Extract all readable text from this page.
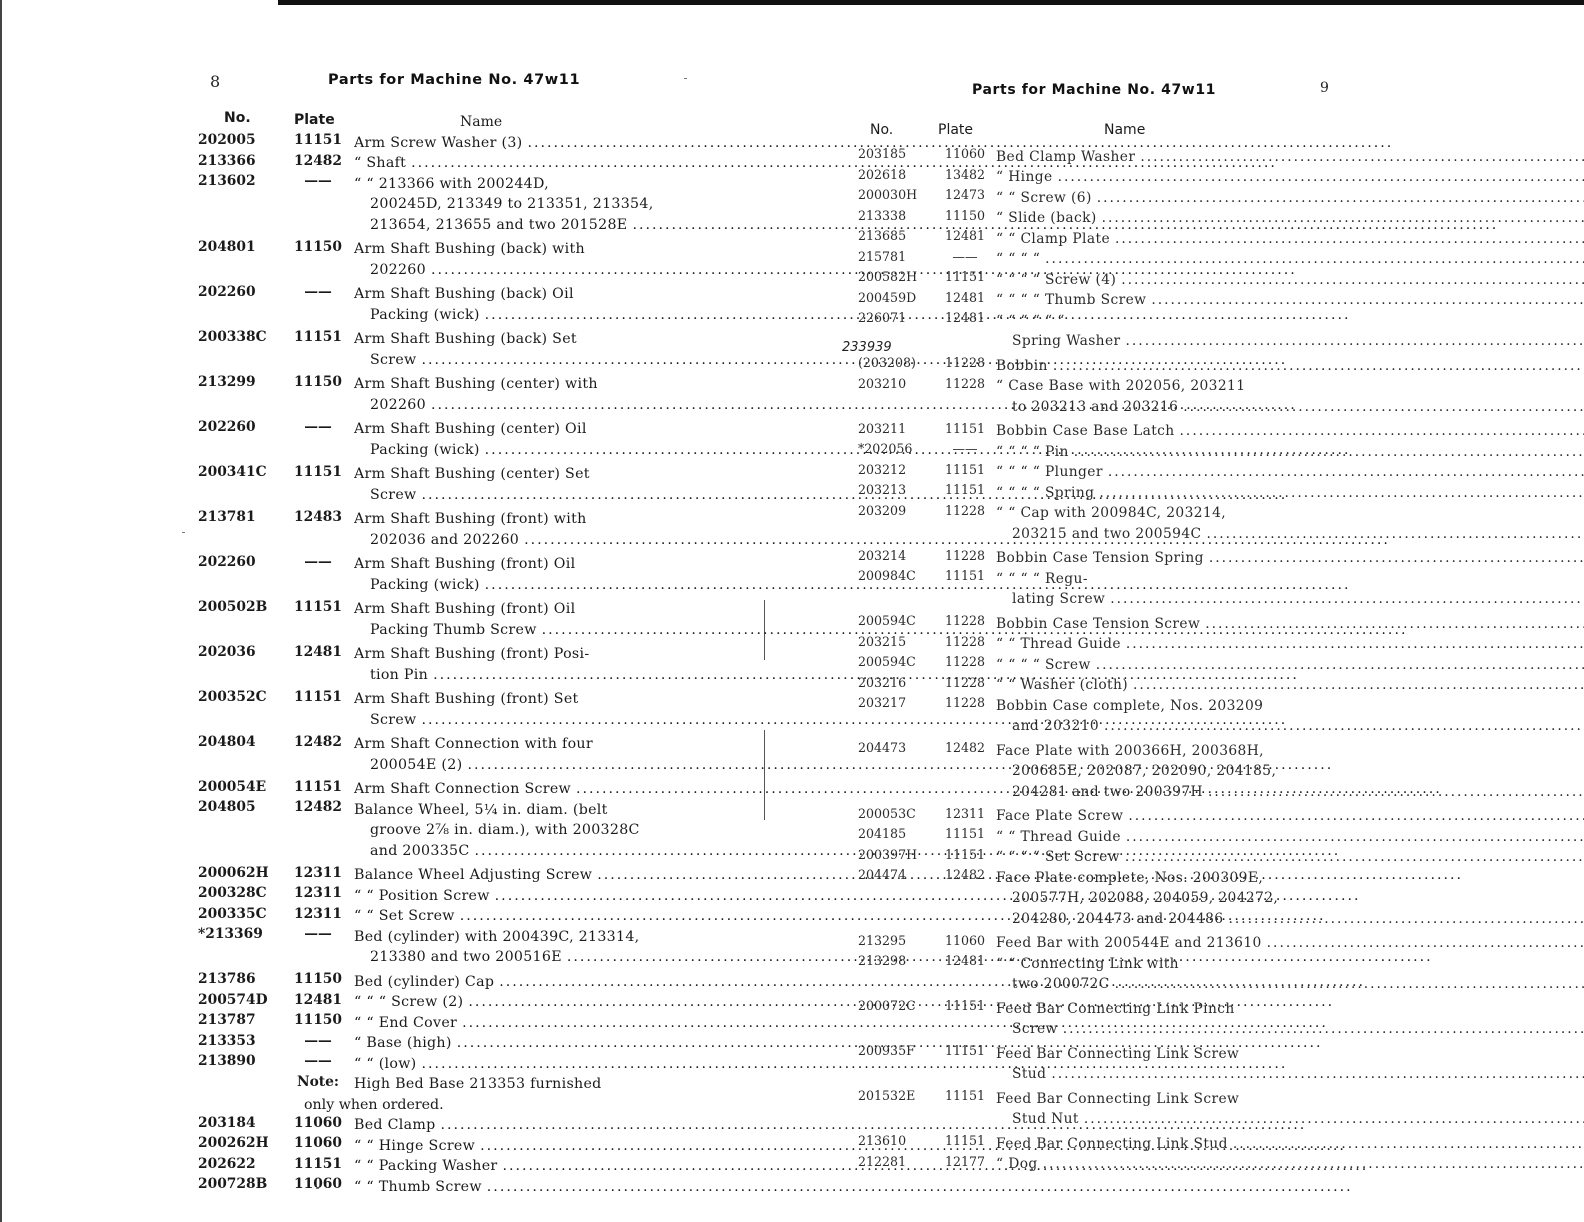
8	Parts for Machine No. 47w11
No.	Plate	Name
202005	11151 Arm Screw Washer (3)
.....
213366	12482 “ Shaft
.....
213602	——	“ “ 213366 with 200244D,
200245D, 213349 to 213351, 213354,
213654, 213655 and two 201528E
.....
204801	11150 Arm Shaft Bushing (back) with
202260
.....
202260	——	Arm Shaft Bushing (back) Oil
Packing (wick)
.....
200338C	11151 Arm Shaft Bushing (back) Set
Screw
.....
213299	11150 Arm Shaft Bushing (center) with
202260
.....
202260	——	Arm Shaft Bushing (center) Oil
Packing (wick)
.....
200341C	11151 Arm Shaft Bushing (center) Set
Screw
.....
213781	12483 Arm Shaft Bushing (front) with
202036 and 202260
.....
202260	——	Arm Shaft Bushing (front) Oil
Packing (wick)
.....
200502B	11151 Arm Shaft Bushing (front) Oil
Packing Thumb Screw
.....
202036	12481 Arm Shaft Bushing (front) Posi-
tion Pin
.....
200352C	11151 Arm Shaft Bushing (front) Set
Screw
.....
204804	12482 Arm Shaft Connection with four
200054E (2)
.....
200054E	11151 Arm Shaft Connection Screw
.....
204805	12482 Balance Wheel, 5¼ in. diam. (belt
groove 2⅞ in. diam.), with 200328C
and 200335C
.....
200062H	12311 Balance Wheel Adjusting Screw
.....
200328C	12311 “ “ Position Screw
.....
200335C	12311 “ “ Set Screw
.....
*213369	——	Bed (cylinder) with 200439C, 213314,
213380 and two 200516E
.....
213786	11150 Bed (cylinder) Cap
.....
200574D	12481 “ “ “ Screw (2)
.....
213787	11150 “ “ End Cover
.....
213353	——	“ Base (high)
.....
213890	——	“ “ (low)
.....
Note:	High Bed Base 213353 furnished
only when ordered.
203184	11060 Bed Clamp
.....
200262H	11060 “ “ Hinge Screw
.....
202622	11151 “ “ Packing Washer
.....
200728B	11060 “ “ Thumb Screw
.....
Parts for Machine No. 47w11	9
No.	Plate	Name
233939
203185	11060 Bed Clamp Washer
.....
202618	13482 “ Hinge
.....
200030H	12473 “ “ Screw (6)
.....
213338	11150 “ Slide (back)
.....
213685	12481 “ “ Clamp Plate
.....
215781	——	“ “ “ “
.....
200582H	11151 “ “ “ “ Screw (4)
.....
200459D	12481 “ “ “ “ Thumb Screw
.....
226071	12481 “ “ “ “ “ “
Spring Washer
.....
(203208)	11228 Bobbin
.....
203210	11228 “ Case Base with 202056, 203211
to 203213 and 203216
.....
203211	11151 Bobbin Case Base Latch
.....
*202056	——	“ “ “ “ Pin
.....
203212	11151 “ “ “ “ Plunger
.....
203213	11151 “ “ “ “ Spring
.....
203209	11228 “ “ Cap with 200984C, 203214,
203215 and two 200594C
.....
203214	11228 Bobbin Case Tension Spring
.....
200984C	11151 “ “ “ “ Regu-
lating Screw
.....
200594C	11228 Bobbin Case Tension Screw
.....
203215	11228 “ “ Thread Guide
.....
200594C	11228 “ “ “ “ Screw
.....
203216	11228 “ “ Washer (cloth)
.....
203217	11228 Bobbin Case complete, Nos. 203209
and 203210
.....
204473	12482 Face Plate with 200366H, 200368H,
200685E, 202087, 202090, 204185,
204281 and two 200397H
.....
200053C	12311 Face Plate Screw
.....
204185	11151 “ “ Thread Guide
.....
200397H	11151 “ “ “ “ Set Screw
.....
204474	12482 Face Plate complete, Nos. 200309E,
200577H, 202088, 204059, 204272,
204280, 204473 and 204486
.....
213295	11060 Feed Bar with 200544E and 213610
.....
213298	12481 “ “ Connecting Link with
two 200072C
.....
200072C	11151 Feed Bar Connecting Link Pinch
Screw
.....
200935F	11151 Feed Bar Connecting Link Screw
Stud
.....
201532E	11151 Feed Bar Connecting Link Screw
Stud Nut
.....
213610	11151 Feed Bar Connecting Link Stud
.....
212281	12177 “ Dog
.....
